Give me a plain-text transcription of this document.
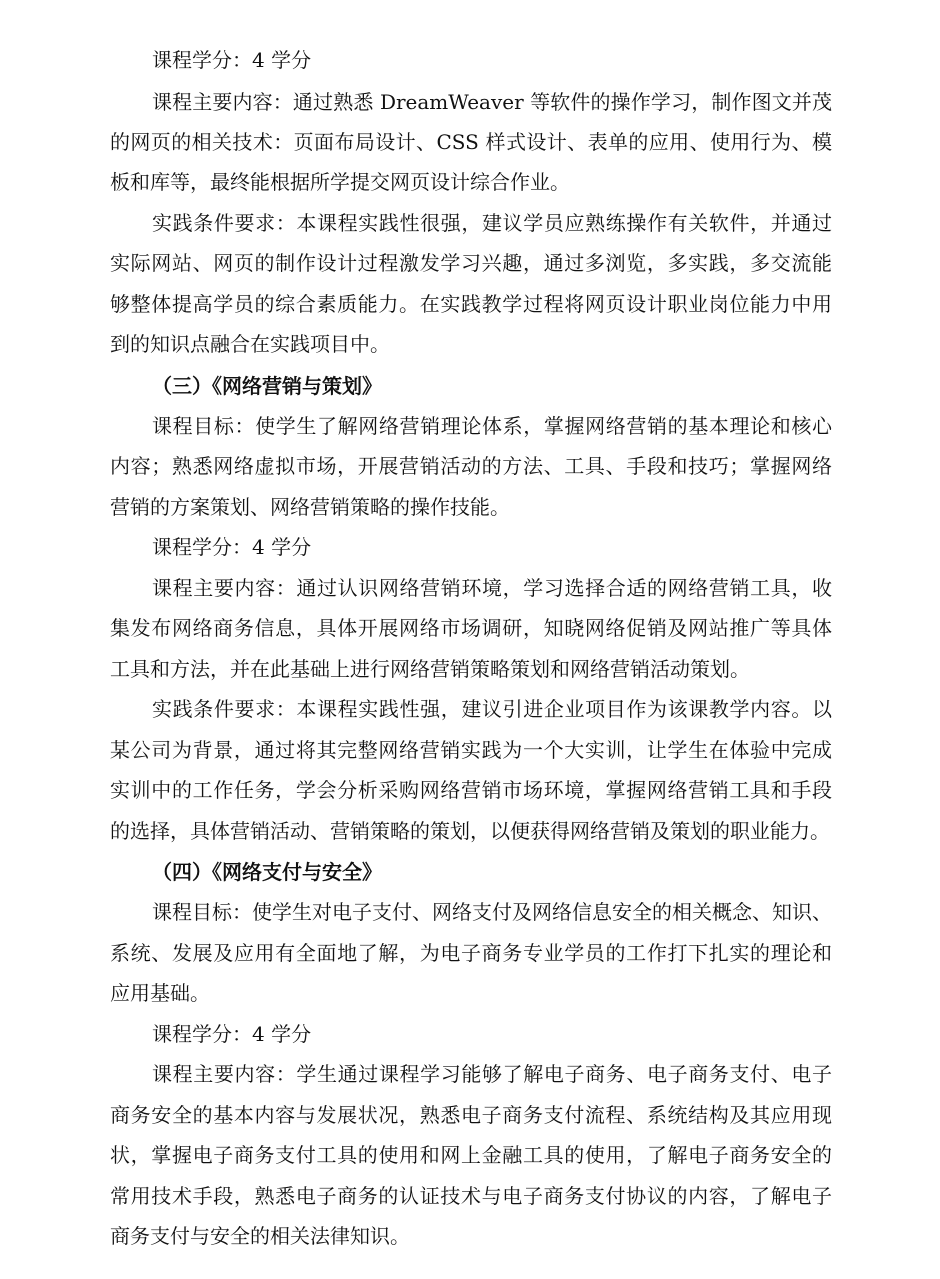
课程学分：4 学分
课程主要内容：通过熟悉 DreamWeaver 等软件的操作学习，制作图文并茂
的网页的相关技术：页面布局设计、CSS 样式设计、表单的应用、使用行为、模
板和库等，最终能根据所学提交网页设计综合作业。
实践条件要求：本课程实践性很强，建议学员应熟练操作有关软件，并通过
实际网站、网页的制作设计过程激发学习兴趣，通过多浏览，多实践，多交流能
够整体提高学员的综合素质能力。在实践教学过程将网页设计职业岗位能力中用
到的知识点融合在实践项目中。
（三）《网络营销与策划》
课程目标：使学生了解网络营销理论体系，掌握网络营销的基本理论和核心
内容；熟悉网络虚拟市场，开展营销活动的方法、工具、手段和技巧；掌握网络
营销的方案策划、网络营销策略的操作技能。
课程学分：4 学分
课程主要内容：通过认识网络营销环境，学习选择合适的网络营销工具，收
集发布网络商务信息，具体开展网络市场调研，知晓网络促销及网站推广等具体
工具和方法，并在此基础上进行网络营销策略策划和网络营销活动策划。
实践条件要求：本课程实践性强，建议引进企业项目作为该课教学内容。以
某公司为背景，通过将其完整网络营销实践为一个大实训，让学生在体验中完成
实训中的工作任务，学会分析采购网络营销市场环境，掌握网络营销工具和手段
的选择，具体营销活动、营销策略的策划，以便获得网络营销及策划的职业能力。
（四）《网络支付与安全》
课程目标：使学生对电子支付、网络支付及网络信息安全的相关概念、知识、
系统、发展及应用有全面地了解，为电子商务专业学员的工作打下扎实的理论和
应用基础。
课程学分：4 学分
课程主要内容：学生通过课程学习能够了解电子商务、电子商务支付、电子
商务安全的基本内容与发展状况，熟悉电子商务支付流程、系统结构及其应用现
状，掌握电子商务支付工具的使用和网上金融工具的使用，了解电子商务安全的
常用技术手段，熟悉电子商务的认证技术与电子商务支付协议的内容，了解电子
商务支付与安全的相关法律知识。
